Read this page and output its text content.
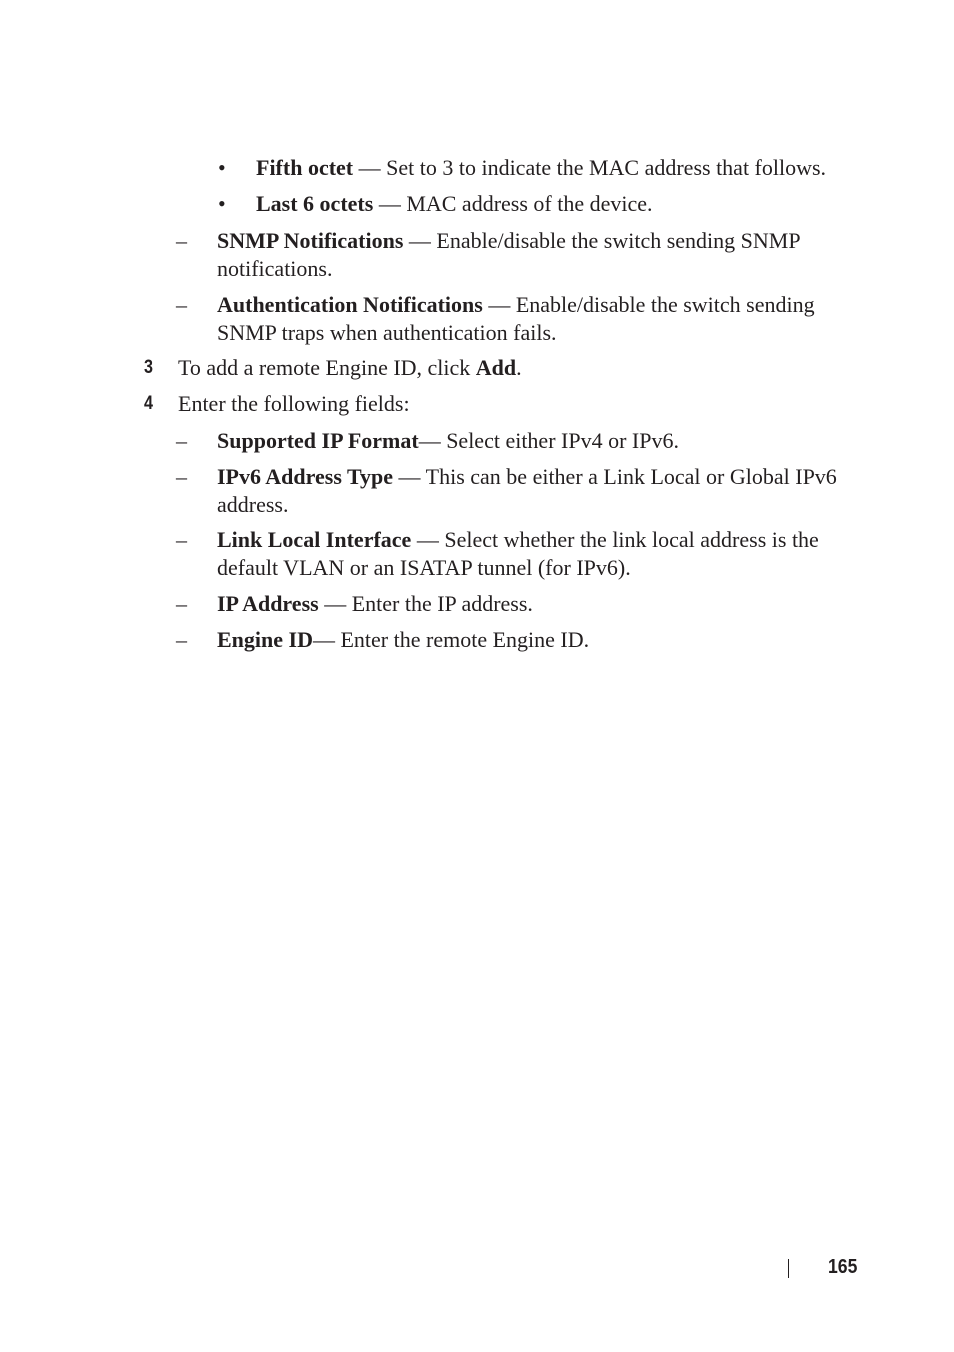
• Fifth octet — Set to 3 to indicate the MAC address that follows.
• Last 6 octets — MAC address of the device.
– SNMP Notifications — Enable/disable the switch sending SNMP
notifications.
– Authentication Notifications — Enable/disable the switch sending
SNMP traps when authentication fails.
3 To add a remote Engine ID, click Add.
4 Enter the following fields:
– Supported IP Format— Select either IPv4 or IPv6.
– IPv6 Address Type — This can be either a Link Local or Global IPv6
address.
– Link Local Interface — Select whether the link local address is the
default VLAN or an ISATAP tunnel (for IPv6).
– IP Address — Enter the IP address.
– Engine ID— Enter the remote Engine ID.
165
